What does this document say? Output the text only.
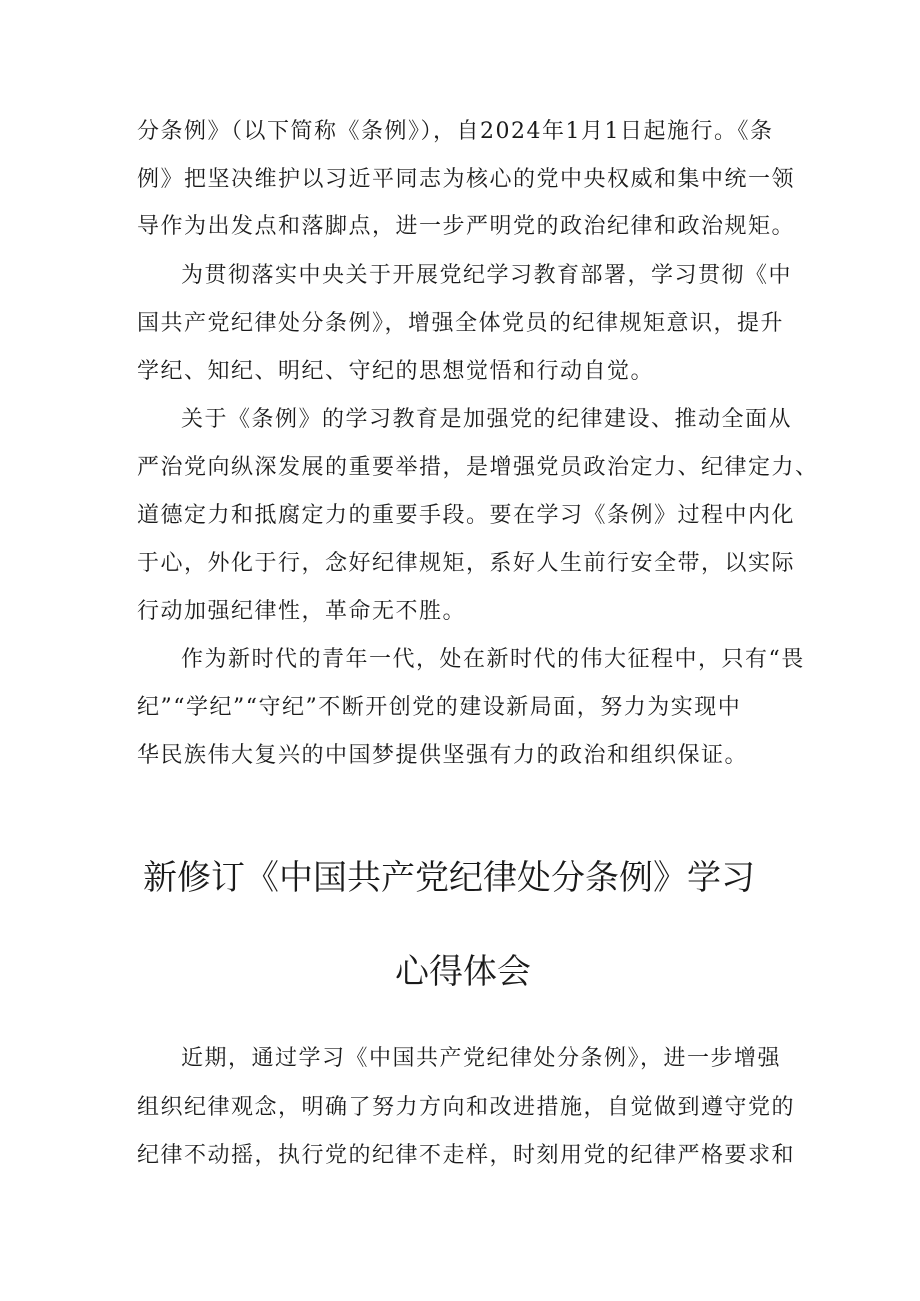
分条例》（以下简称《条例》），自2024年1月1日起施行。《条

例》把坚决维护以习近平同志为核心的党中央权威和集中统一领

导作为出发点和落脚点，进一步严明党的政治纪律和政治规矩。

为贯彻落实中央关于开展党纪学习教育部署，学习贯彻《中

国共产党纪律处分条例》，增强全体党员的纪律规矩意识，提升

学纪、知纪、明纪、守纪的思想觉悟和行动自觉。

关于《条例》的学习教育是加强党的纪律建设、推动全面从

严治党向纵深发展的重要举措，是增强党员政治定力、纪律定力、

道德定力和抵腐定力的重要手段。要在学习《条例》过程中内化

于心，外化于行，念好纪律规矩，系好人生前行安全带，以实际

行动加强纪律性，革命无不胜。

作为新时代的青年一代，处在新时代的伟大征程中，只有“畏

纪”“学纪”“守纪”不断开创党的建设新局面，努力为实现中

华民族伟大复兴的中国梦提供坚强有力的政治和组织保证。

新修订《中国共产党纪律处分条例》学习
心得体会

近期，通过学习《中国共产党纪律处分条例》，进一步增强

组织纪律观念，明确了努力方向和改进措施，自觉做到遵守党的

纪律不动摇，执行党的纪律不走样，时刻用党的纪律严格要求和
